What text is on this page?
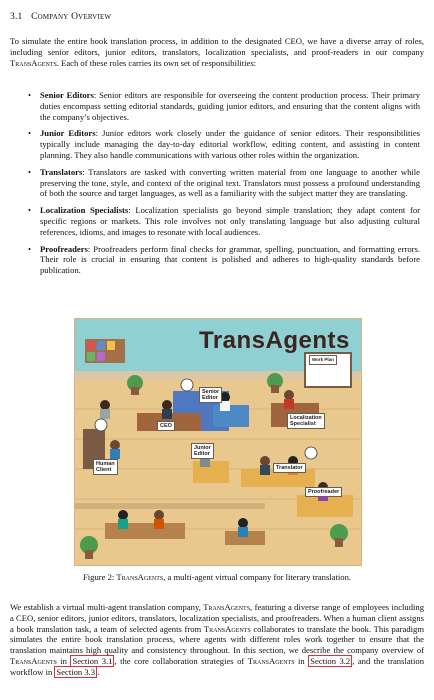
3.1 Company Overview

To simulate the entire book translation process, in addition to the designated CEO, we have a diverse array of roles, including senior editors, junior editors, translators, localization specialists, and proof-readers in our company TransAgents. Each of these roles carries its own set of responsibilities:

• Senior Editors: Senior editors are responsible for overseeing the content production process. Their primary duties encompass setting editorial standards, guiding junior editors, and ensuring that the content aligns with the company’s objectives.
• Junior Editors: Junior editors work closely under the guidance of senior editors. Their responsibilities typically include managing the day-to-day editorial workflow, editing content, and assisting in content planning. They also handle communications with various other roles within the organization.
• Translators: Translators are tasked with converting written material from one language to another while preserving the tone, style, and context of the original text. Translators must possess a profound understanding of both the source and target languages, as well as a familiarity with the subject matter they are translating.
• Localization Specialists: Localization specialists go beyond simple translation; they adapt content for specific regions or markets. This role involves not only translating language but also adjusting cultural references, idioms, and images to resonate with local audiences.
• Proofreaders: Proofreaders perform final checks for grammar, spelling, punctuation, and formatting errors. Their role is crucial in ensuring that content is polished and adheres to high-quality standards before publication.
TransAgents
Senior
Editor
Localization
Specialist
CEO
Human
Client
Junior
Editor
Translator
Proofreader
Work Plan
Figure 2: TransAgents, a multi-agent virtual company for literary translation.

We establish a virtual multi-agent translation company, TransAgents, featuring a diverse range of employees including a CEO, senior editors, junior editors, translators, localization specialists, and proofreaders. When a human client assigns a book translation task, a team of selected agents from TransAgents collaborates to translate the book. This paradigm simulates the entire book translation process, where agents with different roles work together to ensure that the translation maintains high quality and consistency throughout. In this section, we describe the company overview of TransAgents in Section 3.1 , the core collaboration strategies of TransAgents in Section 3.2 , and the translation workflow in Section 3.3 .
